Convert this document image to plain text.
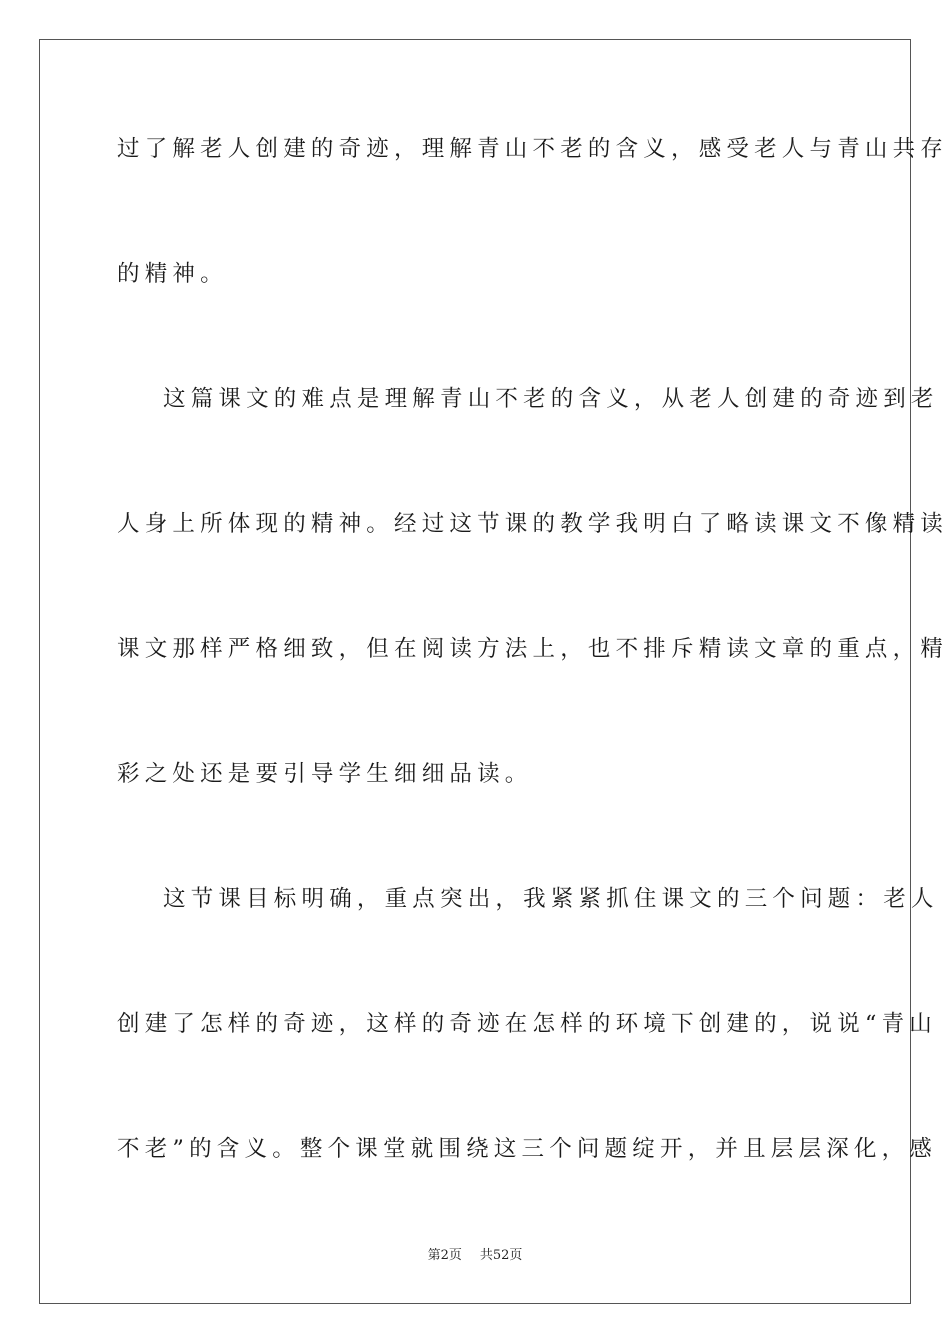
过了解老人创建的奇迹，理解青山不老的含义，感受老人与青山共存
的精神。
这篇课文的难点是理解青山不老的含义，从老人创建的奇迹到老
人身上所体现的精神。经过这节课的教学我明白了略读课文不像精读
课文那样严格细致，但在阅读方法上，也不排斥精读文章的重点，精
彩之处还是要引导学生细细品读。
这节课目标明确，重点突出，我紧紧抓住课文的三个问题：老人
创建了怎样的奇迹，这样的奇迹在怎样的环境下创建的，说说“青山
不老”的含义。整个课堂就围绕这三个问题绽开，并且层层深化，感
第2页 共52页
